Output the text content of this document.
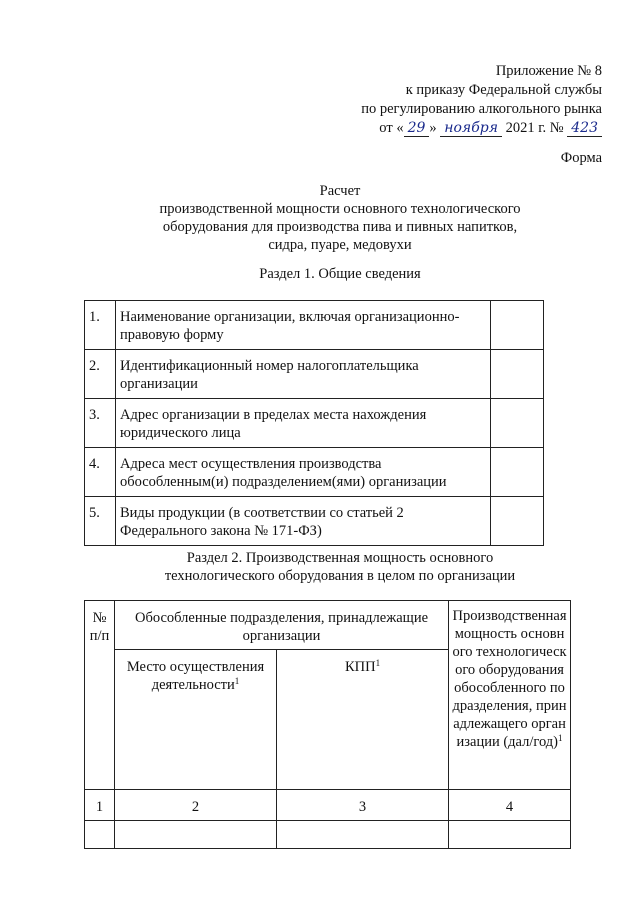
Приложение № 8
к приказу Федеральной службы
по регулированию алкогольного рынка
от « 29 » ноября 2021 г. № 423
Форма
Расчет
производственной мощности основного технологического
оборудования для производства пива и пивных напитков,
сидра, пуаре, медовухи
Раздел 1. Общие сведения
1.	Наименование организации, включая организационно-правовую форму	
2.	Идентификационный номер налогоплательщика организации	
3.	Адрес организации в пределах места нахождения юридического лица	
4.	Адреса мест осуществления производства обособленным(и) подразделением(ями) организации	
5.	Виды продукции (в соответствии со статьей 2 Федерального закона № 171-ФЗ)	
Раздел 2. Производственная мощность основного
технологического оборудования в целом по организации
№ п/п	Обособленные подразделения, принадлежащие организации		Производственная мощность основного технологического оборудования обособленного подразделения, принадлежащего организации $(дал/год)^1$
	Место осуществления деятельности$^1$	КПП$^1$
1	2	3	4
